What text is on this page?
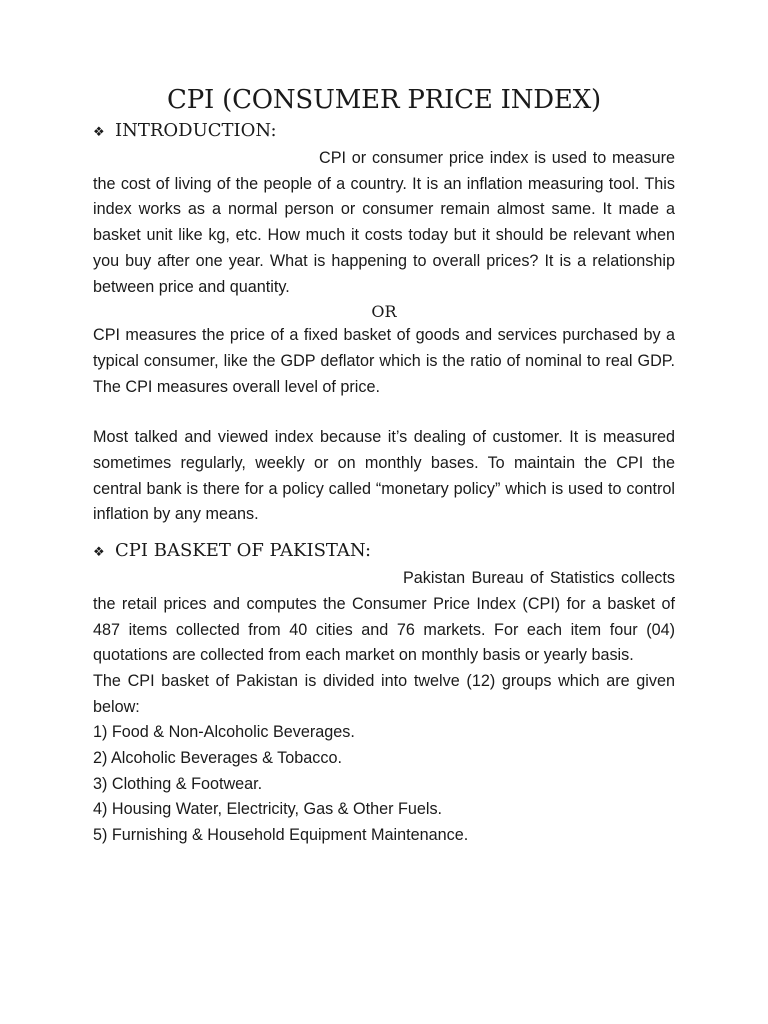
CPI (CONSUMER PRICE INDEX)
❖ INTRODUCTION:

CPI or consumer price index is used to measure the cost of living of the people of a country. It is an inflation measuring tool. This index works as a normal person or consumer remain almost same. It made a basket unit like kg, etc. How much it costs today but it should be relevant when you buy after one year. What is happening to overall prices? It is a relationship between price and quantity.

OR

CPI measures the price of a fixed basket of goods and services purchased by a typical consumer, like the GDP deflator which is the ratio of nominal to real GDP. The CPI measures overall level of price.

Most talked and viewed index because it’s dealing of customer. It is measured sometimes regularly, weekly or on monthly bases. To maintain the CPI the central bank is there for a policy called “monetary policy” which is used to control inflation by any means.

❖ CPI BASKET OF PAKISTAN:

Pakistan Bureau of Statistics collects the retail prices and computes the Consumer Price Index (CPI) for a basket of 487 items collected from 40 cities and 76 markets. For each item four (04) quotations are collected from each market on monthly basis or yearly basis.

The CPI basket of Pakistan is divided into twelve (12) groups which are given below:

1) Food & Non-Alcoholic Beverages.

2) Alcoholic Beverages & Tobacco.

3) Clothing & Footwear.

4) Housing Water, Electricity, Gas & Other Fuels.

5) Furnishing & Household Equipment Maintenance.
